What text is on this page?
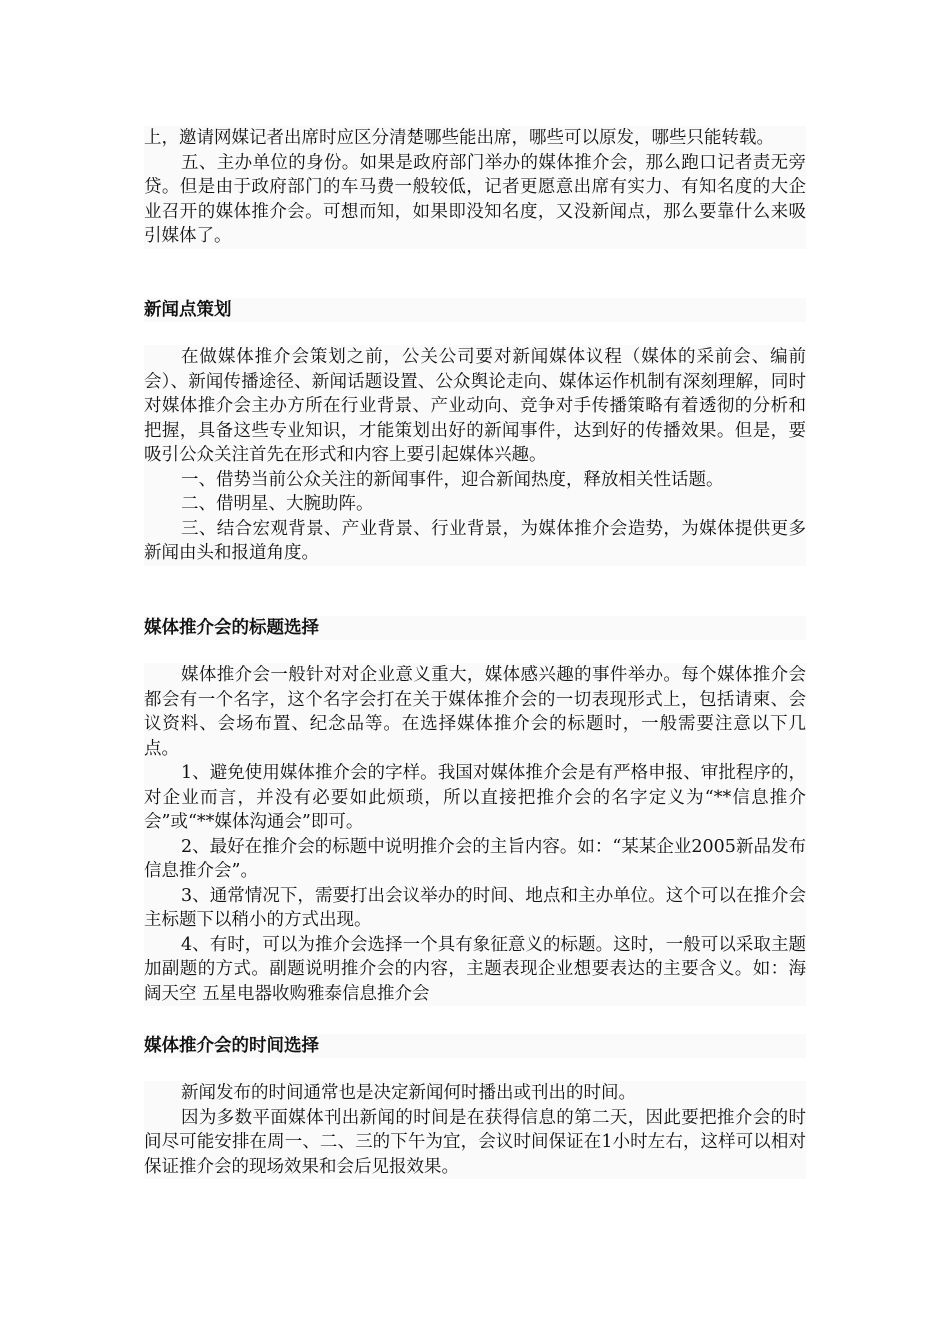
上，邀请网媒记者出席时应区分清楚哪些能出席，哪些可以原发，哪些只能转载。

五、主办单位的身份。如果是政府部门举办的媒体推介会，那么跑口记者责无旁贷。但是由于政府部门的车马费一般较低，记者更愿意出席有实力、有知名度的大企业召开的媒体推介会。可想而知，如果即没知名度，又没新闻点，那么要靠什么来吸引媒体了。

新闻点策划

在做媒体推介会策划之前，公关公司要对新闻媒体议程（媒体的采前会、编前会）、新闻传播途径、新闻话题设置、公众舆论走向、媒体运作机制有深刻理解，同时对媒体推介会主办方所在行业背景、产业动向、竞争对手传播策略有着透彻的分析和把握，具备这些专业知识，才能策划出好的新闻事件，达到好的传播效果。但是，要吸引公众关注首先在形式和内容上要引起媒体兴趣。

一、借势当前公众关注的新闻事件，迎合新闻热度，释放相关性话题。

二、借明星、大腕助阵。

三、结合宏观背景、产业背景、行业背景，为媒体推介会造势，为媒体提供更多新闻由头和报道角度。

媒体推介会的标题选择

媒体推介会一般针对对企业意义重大，媒体感兴趣的事件举办。每个媒体推介会都会有一个名字，这个名字会打在关于媒体推介会的一切表现形式上，包括请柬、会议资料、会场布置、纪念品等。在选择媒体推介会的标题时，一般需要注意以下几点。

1、避免使用媒体推介会的字样。我国对媒体推介会是有严格申报、审批程序的，对企业而言，并没有必要如此烦琐，所以直接把推介会的名字定义为“**信息推介会”或“**媒体沟通会”即可。

2、最好在推介会的标题中说明推介会的主旨内容。如：“某某企业2005新品发布信息推介会”。

3、通常情况下，需要打出会议举办的时间、地点和主办单位。这个可以在推介会主标题下以稍小的方式出现。

4、有时，可以为推介会选择一个具有象征意义的标题。这时，一般可以采取主题加副题的方式。副题说明推介会的内容，主题表现企业想要表达的主要含义。如：海阔天空 五星电器收购雅泰信息推介会

媒体推介会的时间选择

新闻发布的时间通常也是决定新闻何时播出或刊出的时间。

因为多数平面媒体刊出新闻的时间是在获得信息的第二天，因此要把推介会的时间尽可能安排在周一、二、三的下午为宜，会议时间保证在1小时左右，这样可以相对保证推介会的现场效果和会后见报效果。
